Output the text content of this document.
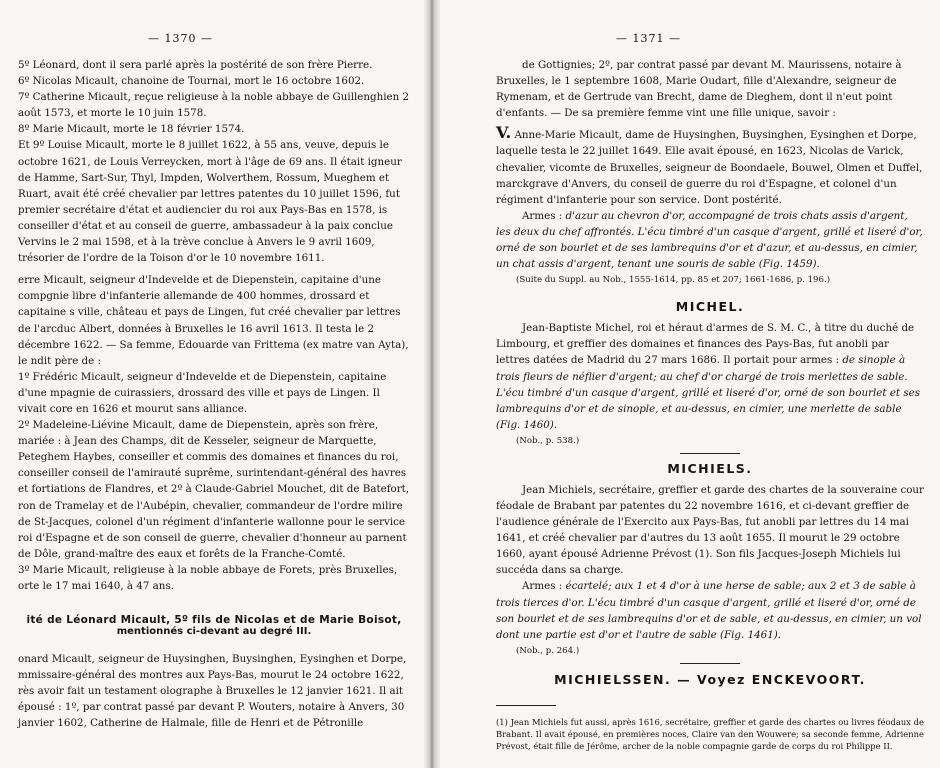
— 1370 —

5º Léonard, dont il sera parlé après la postérité de son frère Pierre.

6º Nicolas Micault, chanoine de Tournai, mort le 16 octobre 1602.

7º Catherine Micault, reçue religieuse à la noble abbaye de Guillenghien 2 août 1573, et morte le 10 juin 1578.

8º Marie Micault, morte le 18 février 1574.

Et 9º Louise Micault, morte le 8 juillet 1622, à 55 ans, veuve, depuis le octobre 1621, de Louis Verreycken, mort à l'âge de 69 ans. Il était igneur de Hamme, Sart-Sur, Thyl, Impden, Wolverthem, Rossum, Mueghem et Ruart, avait été créé chevalier par lettres patentes du 10 juillet 1596, fut premier secrétaire d'état et audiencier du roi aux Pays-Bas en 1578, is conseiller d'état et au conseil de guerre, ambassadeur à la paix conclue Vervins le 2 mai 1598, et à la trève conclue à Anvers le 9 avril 1609, trésorier de l'ordre de la Toison d'or le 10 novembre 1611.

erre Micault, seigneur d'Indevelde et de Diepenstein, capitaine d'une compgnie libre d'infanterie allemande de 400 hommes, drossard et capitaine s ville, château et pays de Lingen, fut créé chevalier par lettres de l'arcduc Albert, données à Bruxelles le 16 avril 1613. Il testa le 2 décembre 1622. — Sa femme, Edouarde van Frittema (ex matre van Ayta), le ndit père de :

1º Frédéric Micault, seigneur d'Indevelde et de Diepenstein, capitaine d'une mpagnie de cuirassiers, drossard des ville et pays de Lingen. Il vivait core en 1626 et mourut sans alliance.

2º Madeleine-Liévine Micault, dame de Diepenstein, après son frère, mariée : à Jean des Champs, dit de Kesseler, seigneur de Marquette, Peteghem Haybes, conseiller et commis des domaines et finances du roi, conseiller conseil de l'amirauté suprême, surintendant-général des havres et fortiations de Flandres, et 2º à Claude-Gabriel Mouchet, dit de Batefort, ron de Tramelay et de l'Aubépin, chevalier, commandeur de l'ordre milire de St-Jacques, colonel d'un régiment d'infanterie wallonne pour le service roi d'Espagne et de son conseil de guerre, chevalier d'honneur au parnent de Dôle, grand-maître des eaux et forêts de la Franche-Comté.

3º Marie Micault, religieuse à la noble abbaye de Forets, près Bruxelles, orte le 17 mai 1640, à 47 ans.

ité de Léonard Micault, 5º fils de Nicolas et de Marie Boisot,
mentionnés ci-devant au degré III.

onard Micault, seigneur de Huysinghen, Buysinghen, Eysinghen et Dorpe, mmissaire-général des montres aux Pays-Bas, mourut le 24 octobre 1622, rès avoir fait un testament olographe à Bruxelles le 12 janvier 1621. Il ait épousé : 1º, par contrat passé par devant P. Wouters, notaire à Anvers, 30 janvier 1602, Catherine de Halmale, fille de Henri et de Pétronille

— 1371 —

de Gottignies; 2º, par contrat passé par devant M. Maurissens, notaire à Bruxelles, le 1 septembre 1608, Marie Oudart, fille d'Alexandre, seigneur de Rymenam, et de Gertrude van Brecht, dame de Dieghem, dont il n'eut point d'enfants. — De sa première femme vint une fille unique, savoir :

V. Anne-Marie Micault, dame de Huysinghen, Buysinghen, Eysinghen et Dorpe, laquelle testa le 22 juillet 1649. Elle avait épousé, en 1623, Nicolas de Varick, chevalier, vicomte de Bruxelles, seigneur de Boondaele, Bouwel, Olmen et Duffel, marckgrave d'Anvers, du conseil de guerre du roi d'Espagne, et colonel d'un régiment d'infanterie pour son service. Dont postérité.

Armes : d'azur au chevron d'or, accompagné de trois chats assis d'argent, les deux du chef affrontés. L'écu timbré d'un casque d'argent, grillé et liseré d'or, orné de son bourlet et de ses lambrequins d'or et d'azur, et au-dessus, en cimier, un chat assis d'argent, tenant une souris de sable (Fig. 1459).

(Suite du Suppl. au Nob., 1555-1614, pp. 85 et 207; 1661-1686, p. 196.)
MICHEL.

Jean-Baptiste Michel, roi et héraut d'armes de S. M. C., à titre du duché de Limbourg, et greffier des domaines et finances des Pays-Bas, fut anobli par lettres datées de Madrid du 27 mars 1686. Il portait pour armes : de sinople à trois fleurs de néflier d'argent; au chef d'or chargé de trois merlettes de sable. L'écu timbré d'un casque d'argent, grillé et liseré d'or, orné de son bourlet et ses lambrequins d'or et de sinople, et au-dessus, en cimier, une merlette de sable (Fig. 1460).

(Nob., p. 538.)
MICHIELS.

Jean Michiels, secrétaire, greffier et garde des chartes de la souveraine cour féodale de Brabant par patentes du 22 novembre 1616, et ci-devant greffier de l'audience générale de l'Exercito aux Pays-Bas, fut anobli par lettres du 14 mai 1641, et créé chevalier par d'autres du 13 août 1655. Il mourut le 29 octobre 1660, ayant épousé Adrienne Prévost (1). Son fils Jacques-Joseph Michiels lui succéda dans sa charge.

Armes : écartelé; aux 1 et 4 d'or à une herse de sable; aux 2 et 3 de sable à trois tierces d'or. L'écu timbré d'un casque d'argent, grillé et liseré d'or, orné de son bourlet et de ses lambrequins d'or et de sable, et au-dessus, en cimier, un vol dont une partie est d'or et l'autre de sable (Fig. 1461).

(Nob., p. 264.)
MICHIELSSEN. — Voyez ENCKEVOORT.
(1) Jean Michiels fut aussi, après 1616, secrétaire, greffier et garde des chartes ou livres féodaux de Brabant. Il avait épousé, en premières noces, Claire van den Wouwere; sa seconde femme, Adrienne Prévost, était fille de Jérôme, archer de la noble compagnie garde de corps du roi Philippe II.
